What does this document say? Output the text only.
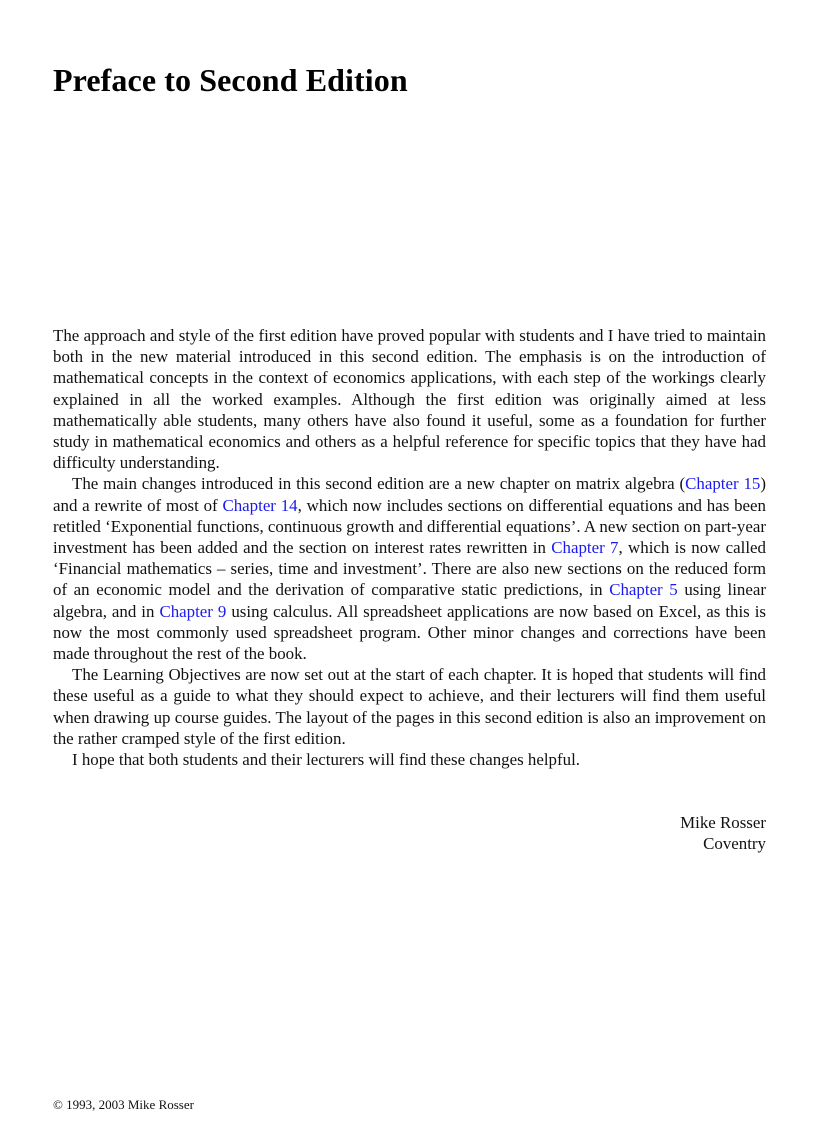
Preface to Second Edition

The approach and style of the first edition have proved popular with students and I have tried to maintain both in the new material introduced in this second edition. The emphasis is on the introduction of mathematical concepts in the context of economics applications, with each step of the workings clearly explained in all the worked examples. Although the first edition was originally aimed at less mathematically able students, many others have also found it useful, some as a foundation for further study in mathematical economics and others as a helpful reference for specific topics that they have had difficulty understanding.

The main changes introduced in this second edition are a new chapter on matrix algebra (Chapter 15) and a rewrite of most of Chapter 14, which now includes sections on differential equations and has been retitled ‘Exponential functions, continuous growth and differential equations’. A new section on part-year investment has been added and the section on interest rates rewritten in Chapter 7, which is now called ‘Financial mathematics – series, time and investment’. There are also new sections on the reduced form of an economic model and the derivation of comparative static predictions, in Chapter 5 using linear algebra, and in Chapter 9 using calculus. All spreadsheet applications are now based on Excel, as this is now the most commonly used spreadsheet program. Other minor changes and corrections have been made throughout the rest of the book.

The Learning Objectives are now set out at the start of each chapter. It is hoped that students will find these useful as a guide to what they should expect to achieve, and their lecturers will find them useful when drawing up course guides. The layout of the pages in this second edition is also an improvement on the rather cramped style of the first edition.

I hope that both students and their lecturers will find these changes helpful.

Mike Rosser
Coventry
© 1993, 2003 Mike Rosser
